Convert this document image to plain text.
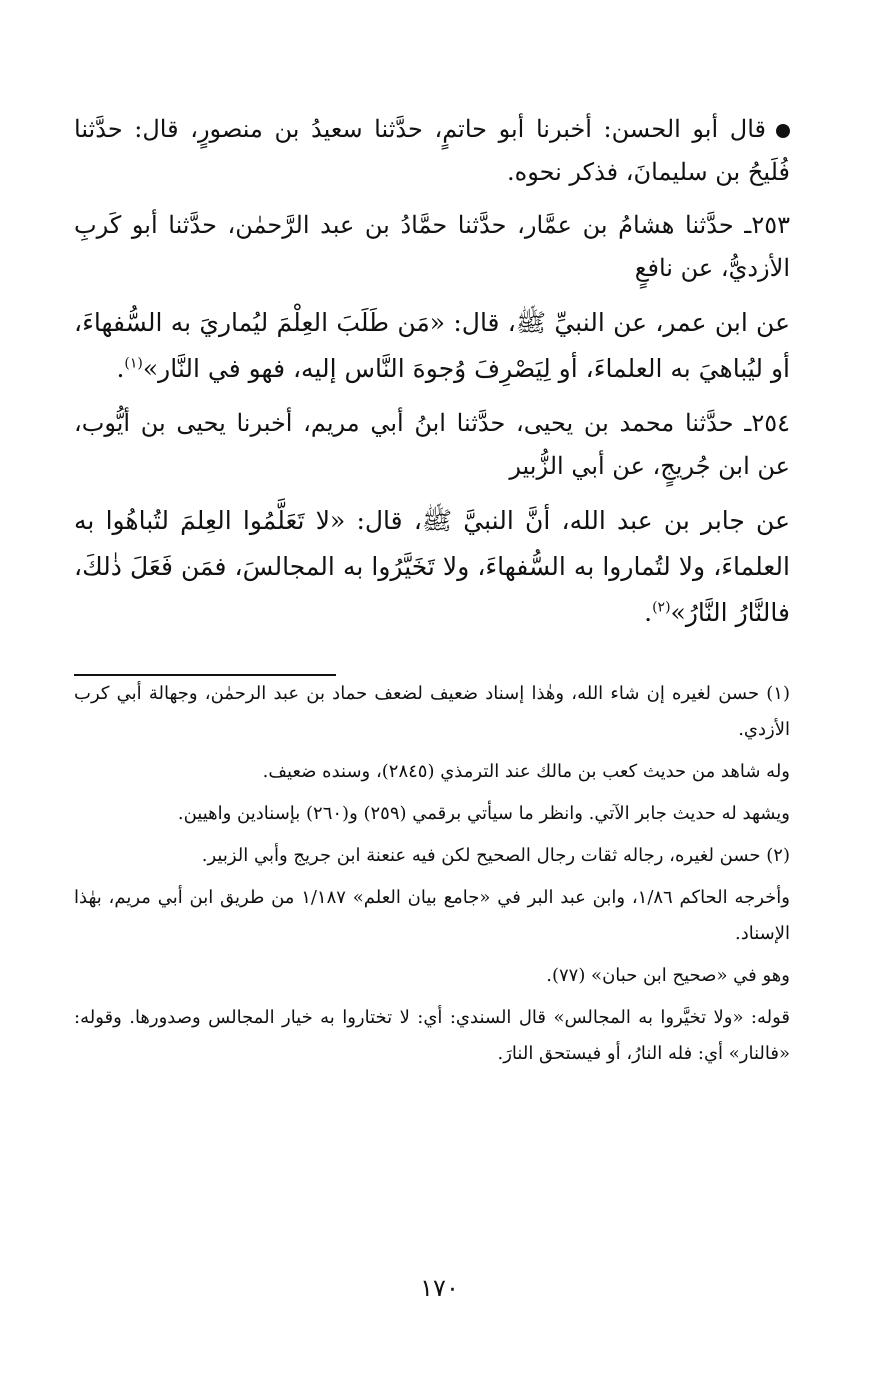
قال أبو الحسن: أخبرنا أبو حاتمٍ، حدَّثنا سعيدُ بن منصورٍ، قال: حدَّثنا فُلَيحُ بن سليمانَ، فذكر نحوه.

٢٥٣ـ حدَّثنا هشامُ بن عمَّار، حدَّثنا حمَّادُ بن عبد الرَّحمٰن، حدَّثنا أبو كَربِ الأزديُّ، عن نافعٍ

عن ابن عمر، عن النبيِّ ﷺ، قال: «مَن طَلَبَ العِلْمَ ليُماريَ به السُّفهاءَ، أو ليُباهيَ به العلماءَ، أو لِيَصْرِفَ وُجوهَ النَّاس إليه، فهو في النَّار»$^{(١)}$.

٢٥٤ـ حدَّثنا محمد بن يحيى، حدَّثنا ابنُ أبي مريم، أخبرنا يحيى بن أيُّوب، عن ابن جُريجٍ، عن أبي الزُّبير

عن جابر بن عبد الله، أنَّ النبيَّ ﷺ، قال: «لا تَعَلَّمُوا العِلمَ لتُباهُوا به العلماءَ، ولا لتُماروا به السُّفهاءَ، ولا تَخَيَّرُوا به المجالسَ، فمَن فَعَلَ ذٰلكَ، فالنَّارُ النَّارُ»$^{(٢)}$.

(١) حسن لغيره إن شاء الله، وهٰذا إسناد ضعيف لضعف حماد بن عبد الرحمٰن، وجهالة أبي كرب الأزدي.

وله شاهد من حديث كعب بن مالك عند الترمذي (٢٨٤٥)، وسنده ضعيف.

ويشهد له حديث جابر الآتي. وانظر ما سيأتي برقمي (٢٥٩) و(٢٦٠) بإسنادين واهيين.

(٢) حسن لغيره، رجاله ثقات رجال الصحيح لكن فيه عنعنة ابن جريج وأبي الزبير.

وأخرجه الحاكم ١/٨٦، وابن عبد البر في «جامع بيان العلم» ١/١٨٧ من طريق ابن أبي مريم، بهٰذا الإسناد.

وهو في «صحيح ابن حبان» (٧٧).

قوله: «ولا تخيَّروا به المجالس» قال السندي: أي: لا تختاروا به خيار المجالس وصدورها. وقوله: «فالنار» أي: فله النارُ، أو فيستحق النارَ.

١٧٠
